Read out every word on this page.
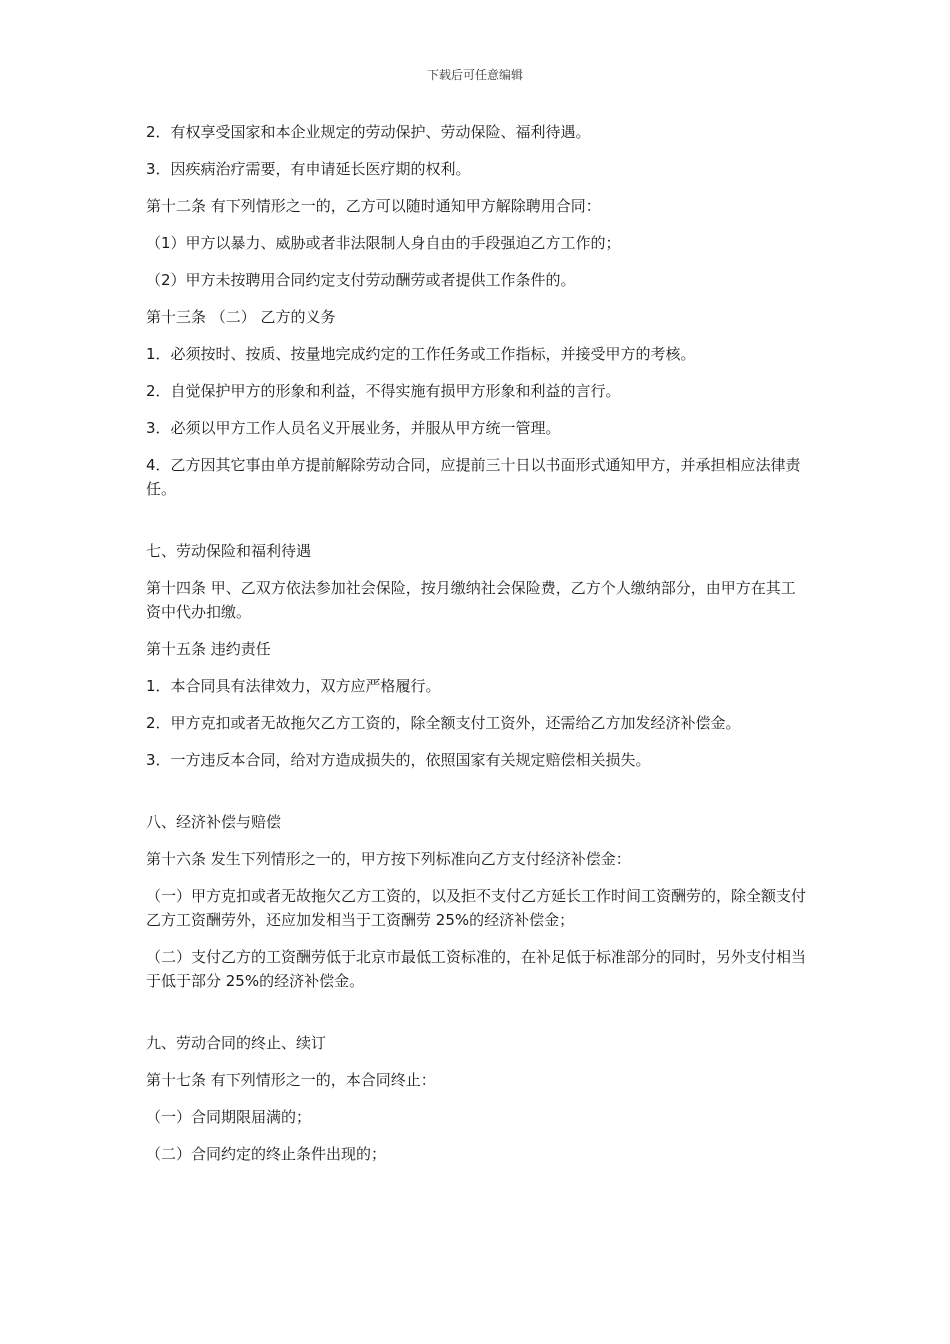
下载后可任意编辑

2．有权享受国家和本企业规定的劳动保护、劳动保险、福利待遇。

3．因疾病治疗需要，有申请延长医疗期的权利。

第十二条 有下列情形之一的，乙方可以随时通知甲方解除聘用合同：

（1）甲方以暴力、威胁或者非法限制人身自由的手段强迫乙方工作的；

（2）甲方未按聘用合同约定支付劳动酬劳或者提供工作条件的。

第十三条 （二） 乙方的义务

1．必须按时、按质、按量地完成约定的工作任务或工作指标，并接受甲方的考核。

2．自觉保护甲方的形象和利益，不得实施有损甲方形象和利益的言行。

3．必须以甲方工作人员名义开展业务，并服从甲方统一管理。

4．乙方因其它事由单方提前解除劳动合同，应提前三十日以书面形式通知甲方，并承担相应法律责任。

七、劳动保险和福利待遇

第十四条 甲、乙双方依法参加社会保险，按月缴纳社会保险费，乙方个人缴纳部分，由甲方在其工资中代办扣缴。

第十五条 违约责任

1．本合同具有法律效力，双方应严格履行。

2．甲方克扣或者无故拖欠乙方工资的，除全额支付工资外，还需给乙方加发经济补偿金。

3．一方违反本合同，给对方造成损失的，依照国家有关规定赔偿相关损失。

八、经济补偿与赔偿

第十六条 发生下列情形之一的，甲方按下列标准向乙方支付经济补偿金：

（一）甲方克扣或者无故拖欠乙方工资的，以及拒不支付乙方延长工作时间工资酬劳的，除全额支付乙方工资酬劳外，还应加发相当于工资酬劳 25%的经济补偿金；

（二）支付乙方的工资酬劳低于北京市最低工资标准的，在补足低于标准部分的同时，另外支付相当于低于部分 25%的经济补偿金。

九、劳动合同的终止、续订

第十七条 有下列情形之一的，本合同终止：

（一）合同期限届满的；

（二）合同约定的终止条件出现的；
